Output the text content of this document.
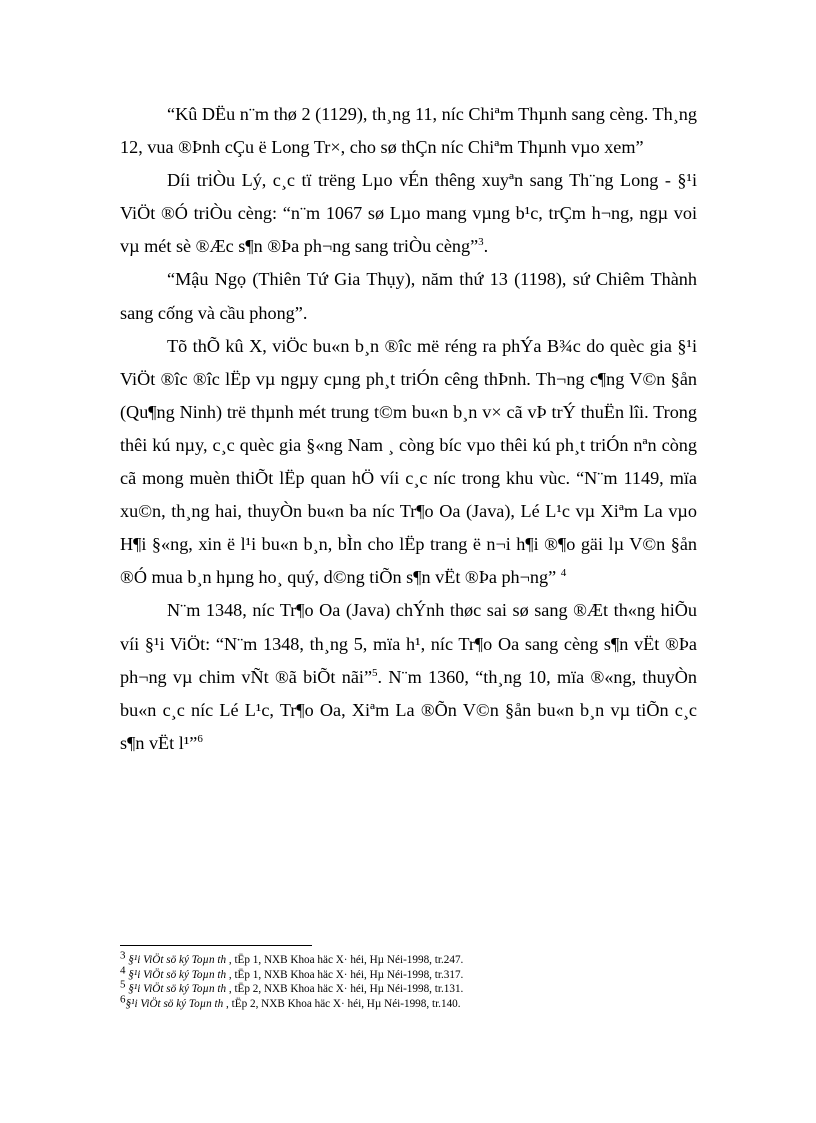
“Kû DËu n¨m thø 2 (1129), th¸ng 11, níc Chiªm Thµnh sang cèng. Th¸ng 12, vua ®Þnh cÇu ë Long Tr×, cho sø thÇn níc Chiªm Thµnh vµo xem”

Díi triÒu Lý, c¸c tï trëng Lµo vÉn thêng xuyªn sang Th¨ng Long - §¹i ViÖt ®Ó triÒu cèng: “n¨m 1067 sø Lµo mang vµng b¹c, trÇm h¬ng, ngµ voi vµ mét sè ®Æc s¶n ®Þa ph¬ng sang triÒu cèng”$^3$.

“Mậu Ngọ (Thiên Tứ Gia Thụy), năm thứ 13 (1198), sứ Chiêm Thành sang cống và cầu phong”.

Tõ thÕ kû X, viÖc bu«n b¸n ®îc më réng ra phÝa B¾c do quèc gia §¹i ViÖt ®îc ®îc lËp vµ ngµy cµng ph¸t triÓn cêng thÞnh. Th¬ng c¶ng V©n §ån (Qu¶ng Ninh) trë thµnh mét trung t©m bu«n b¸n v× cã vÞ trÝ thuËn lîi. Trong thêi kú nµy, c¸c quèc gia §«ng Nam ¸ còng bíc vµo thêi kú ph¸t triÓn nªn còng cã mong muèn thiÕt lËp quan hÖ víi c¸c níc trong khu vùc. “N¨m 1149, mïa xu©n, th¸ng hai, thuyÒn bu«n ba níc Tr¶o Oa (Java), Lé L¹c vµ Xiªm La vµo H¶i §«ng, xin ë l¹i bu«n b¸n, bÌn cho lËp trang ë n¬i h¶i ®¶o gäi lµ V©n §ån ®Ó mua b¸n hµng ho¸ quý, d©ng tiÕn s¶n vËt ®Þa ph¬ng” $^4$

N¨m 1348, níc Tr¶o Oa (Java) chÝnh thøc sai sø sang ®Æt th«ng hiÕu víi §¹i ViÖt: “N¨m 1348, th¸ng 5, mïa h¹, níc Tr¶o Oa sang cèng s¶n vËt ®Þa ph¬ng vµ chim vÑt ®ã biÕt nãi”$^5$. N¨m 1360, “th¸ng 10, mïa ®«ng, thuyÒn bu«n c¸c níc Lé L¹c, Tr¶o Oa, Xiªm La ®Õn V©n §ån bu«n b¸n vµ tiÕn c¸c s¶n vËt l¹”$^6$

$^3$ §¹i ViÖt sö ký Toµn th , tËp 1, NXB Khoa häc X· héi, Hµ Néi-1998, tr.247.

$^4$ §¹i ViÖt sö ký Toµn th , tËp 1, NXB Khoa häc X· héi, Hµ Néi-1998, tr.317.

$^5$ §¹i ViÖt sö ký Toµn th , tËp 2, NXB Khoa häc X· héi, Hµ Néi-1998, tr.131.

$^6$§¹i ViÖt sö ký Toµn th , tËp 2, NXB Khoa häc X· héi, Hµ Néi-1998, tr.140.
